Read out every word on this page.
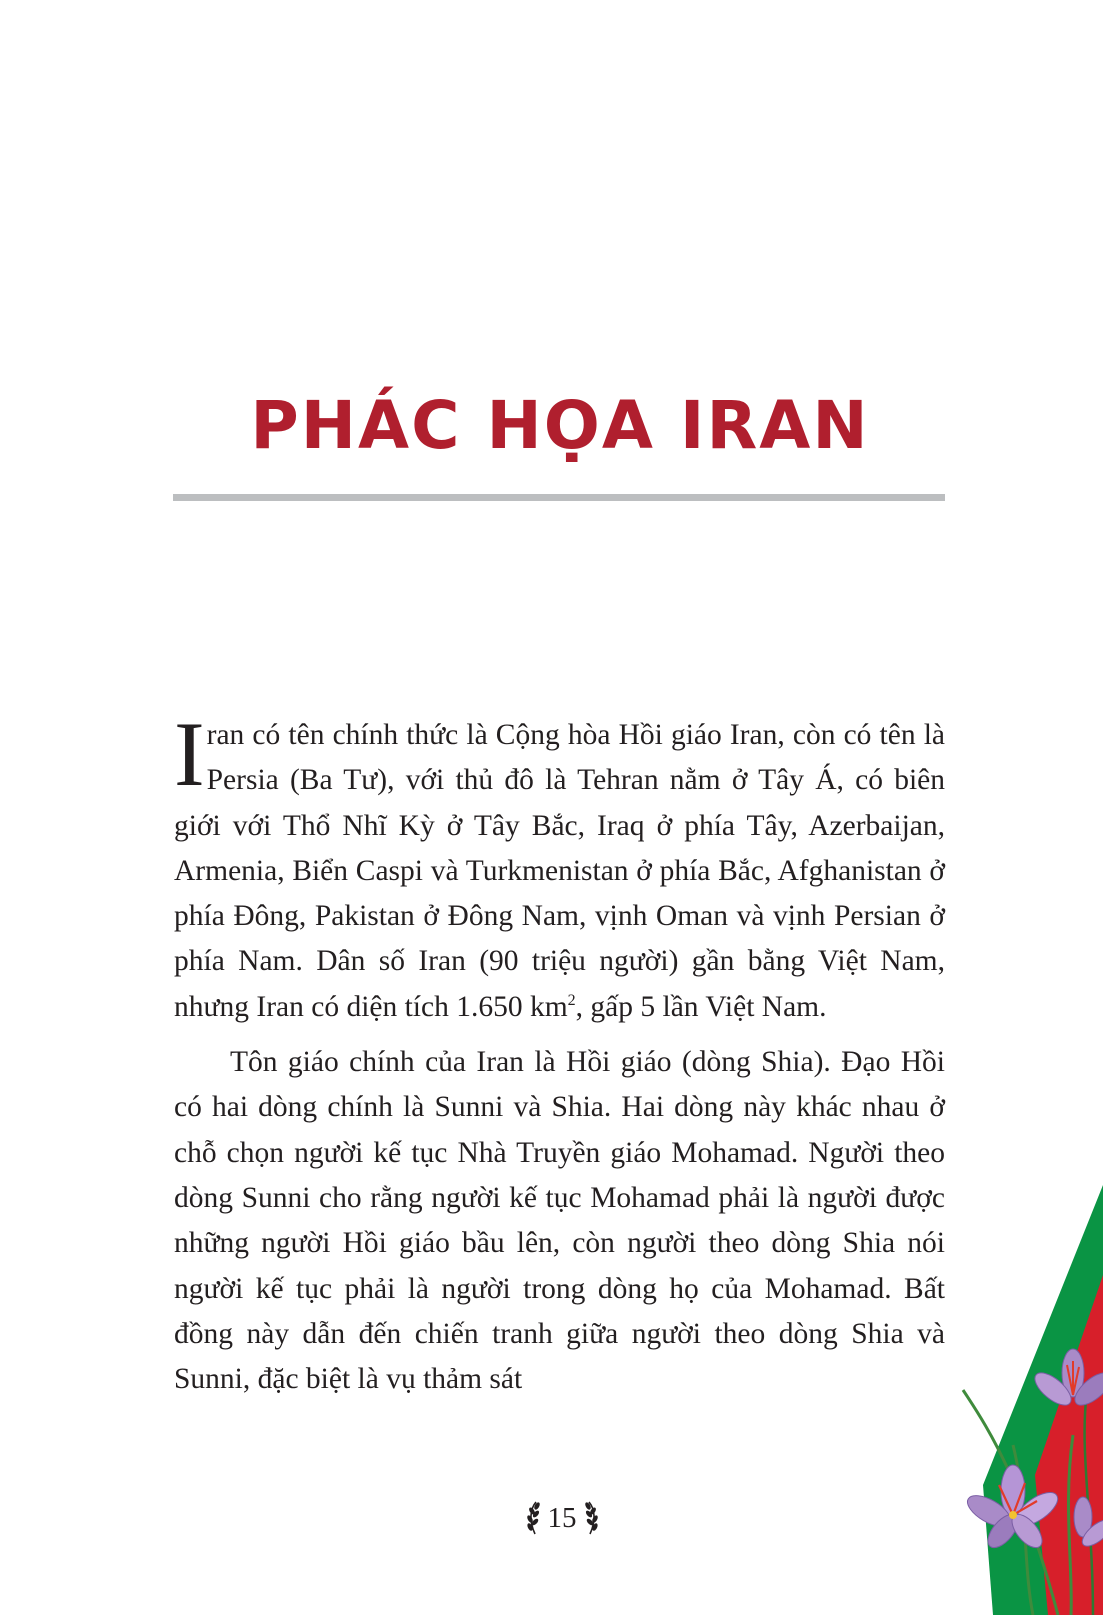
PHÁC HỌA IRAN

Iran có tên chính thức là Cộng hòa Hồi giáo Iran, còn có tên là Persia (Ba Tư), với thủ đô là Tehran nằm ở Tây Á, có biên giới với Thổ Nhĩ Kỳ ở Tây Bắc, Iraq ở phía Tây, Azerbaijan, Armenia, Biển Caspi và Turkmenistan ở phía Bắc, Afghanistan ở phía Đông, Pakistan ở Đông Nam, vịnh Oman và vịnh Persian ở phía Nam. Dân số Iran (90 triệu người) gần bằng Việt Nam, nhưng Iran có diện tích 1.650 $km^2$, gấp 5 lần Việt Nam.

Tôn giáo chính của Iran là Hồi giáo (dòng Shia). Đạo Hồi có hai dòng chính là Sunni và Shia. Hai dòng này khác nhau ở chỗ chọn người kế tục Nhà Truyền giáo Mohamad. Người theo dòng Sunni cho rằng người kế tục Mohamad phải là người được những người Hồi giáo bầu lên, còn người theo dòng Shia nói người kế tục phải là người trong dòng họ của Mohamad. Bất đồng này dẫn đến chiến tranh giữa người theo dòng Shia và Sunni, đặc biệt là vụ thảm sát

15
